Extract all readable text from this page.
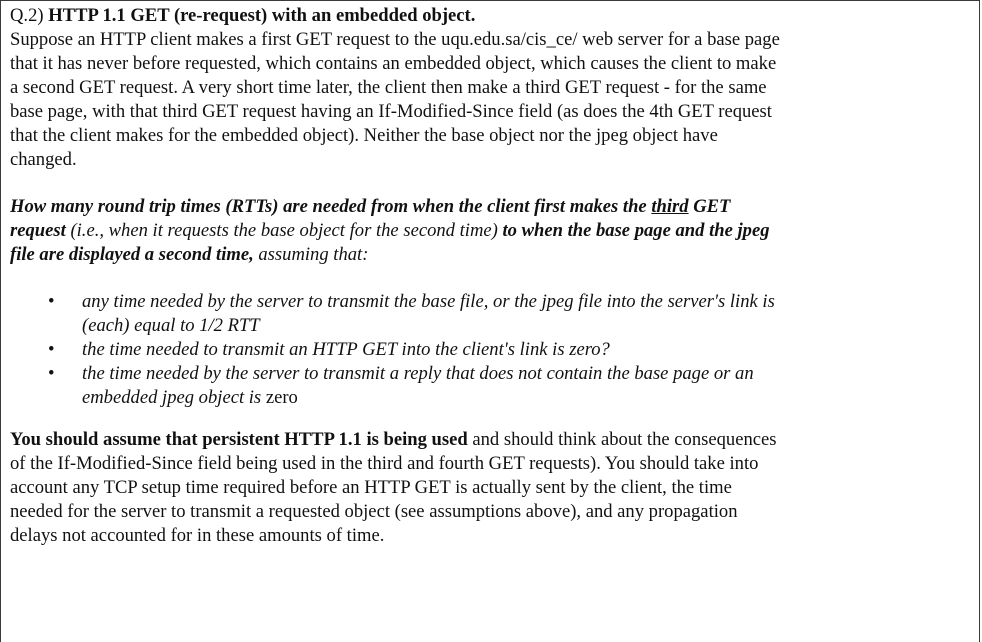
Q.2) HTTP 1.1 GET (re-request) with an embedded object.

Suppose an HTTP client makes a first GET request to the uqu.edu.sa/cis_ce/ web server for a base page

that it has never before requested, which contains an embedded object, which causes the client to make

a second GET request. A very short time later, the client then make a third GET request - for the same

base page, with that third GET request having an If-Modified-Since field (as does the 4th GET request

that the client makes for the embedded object). Neither the base object nor the jpeg object have

changed.

How many round trip times (RTTs) are needed from when the client first makes the third GET

request (i.e., when it requests the base object for the second time) to when the base page and the jpeg

file are displayed a second time, assuming that:

• any time needed by the server to transmit the base file, or the jpeg file into the server's link is
(each) equal to 1/2 RTT
• the time needed to transmit an HTTP GET into the client's link is zero?
• the time needed by the server to transmit a reply that does not contain the base page or an
embedded jpeg object is zero

You should assume that persistent HTTP 1.1 is being used and should think about the consequences

of the If-Modified-Since field being used in the third and fourth GET requests). You should take into

account any TCP setup time required before an HTTP GET is actually sent by the client, the time

needed for the server to transmit a requested object (see assumptions above), and any propagation

delays not accounted for in these amounts of time.
